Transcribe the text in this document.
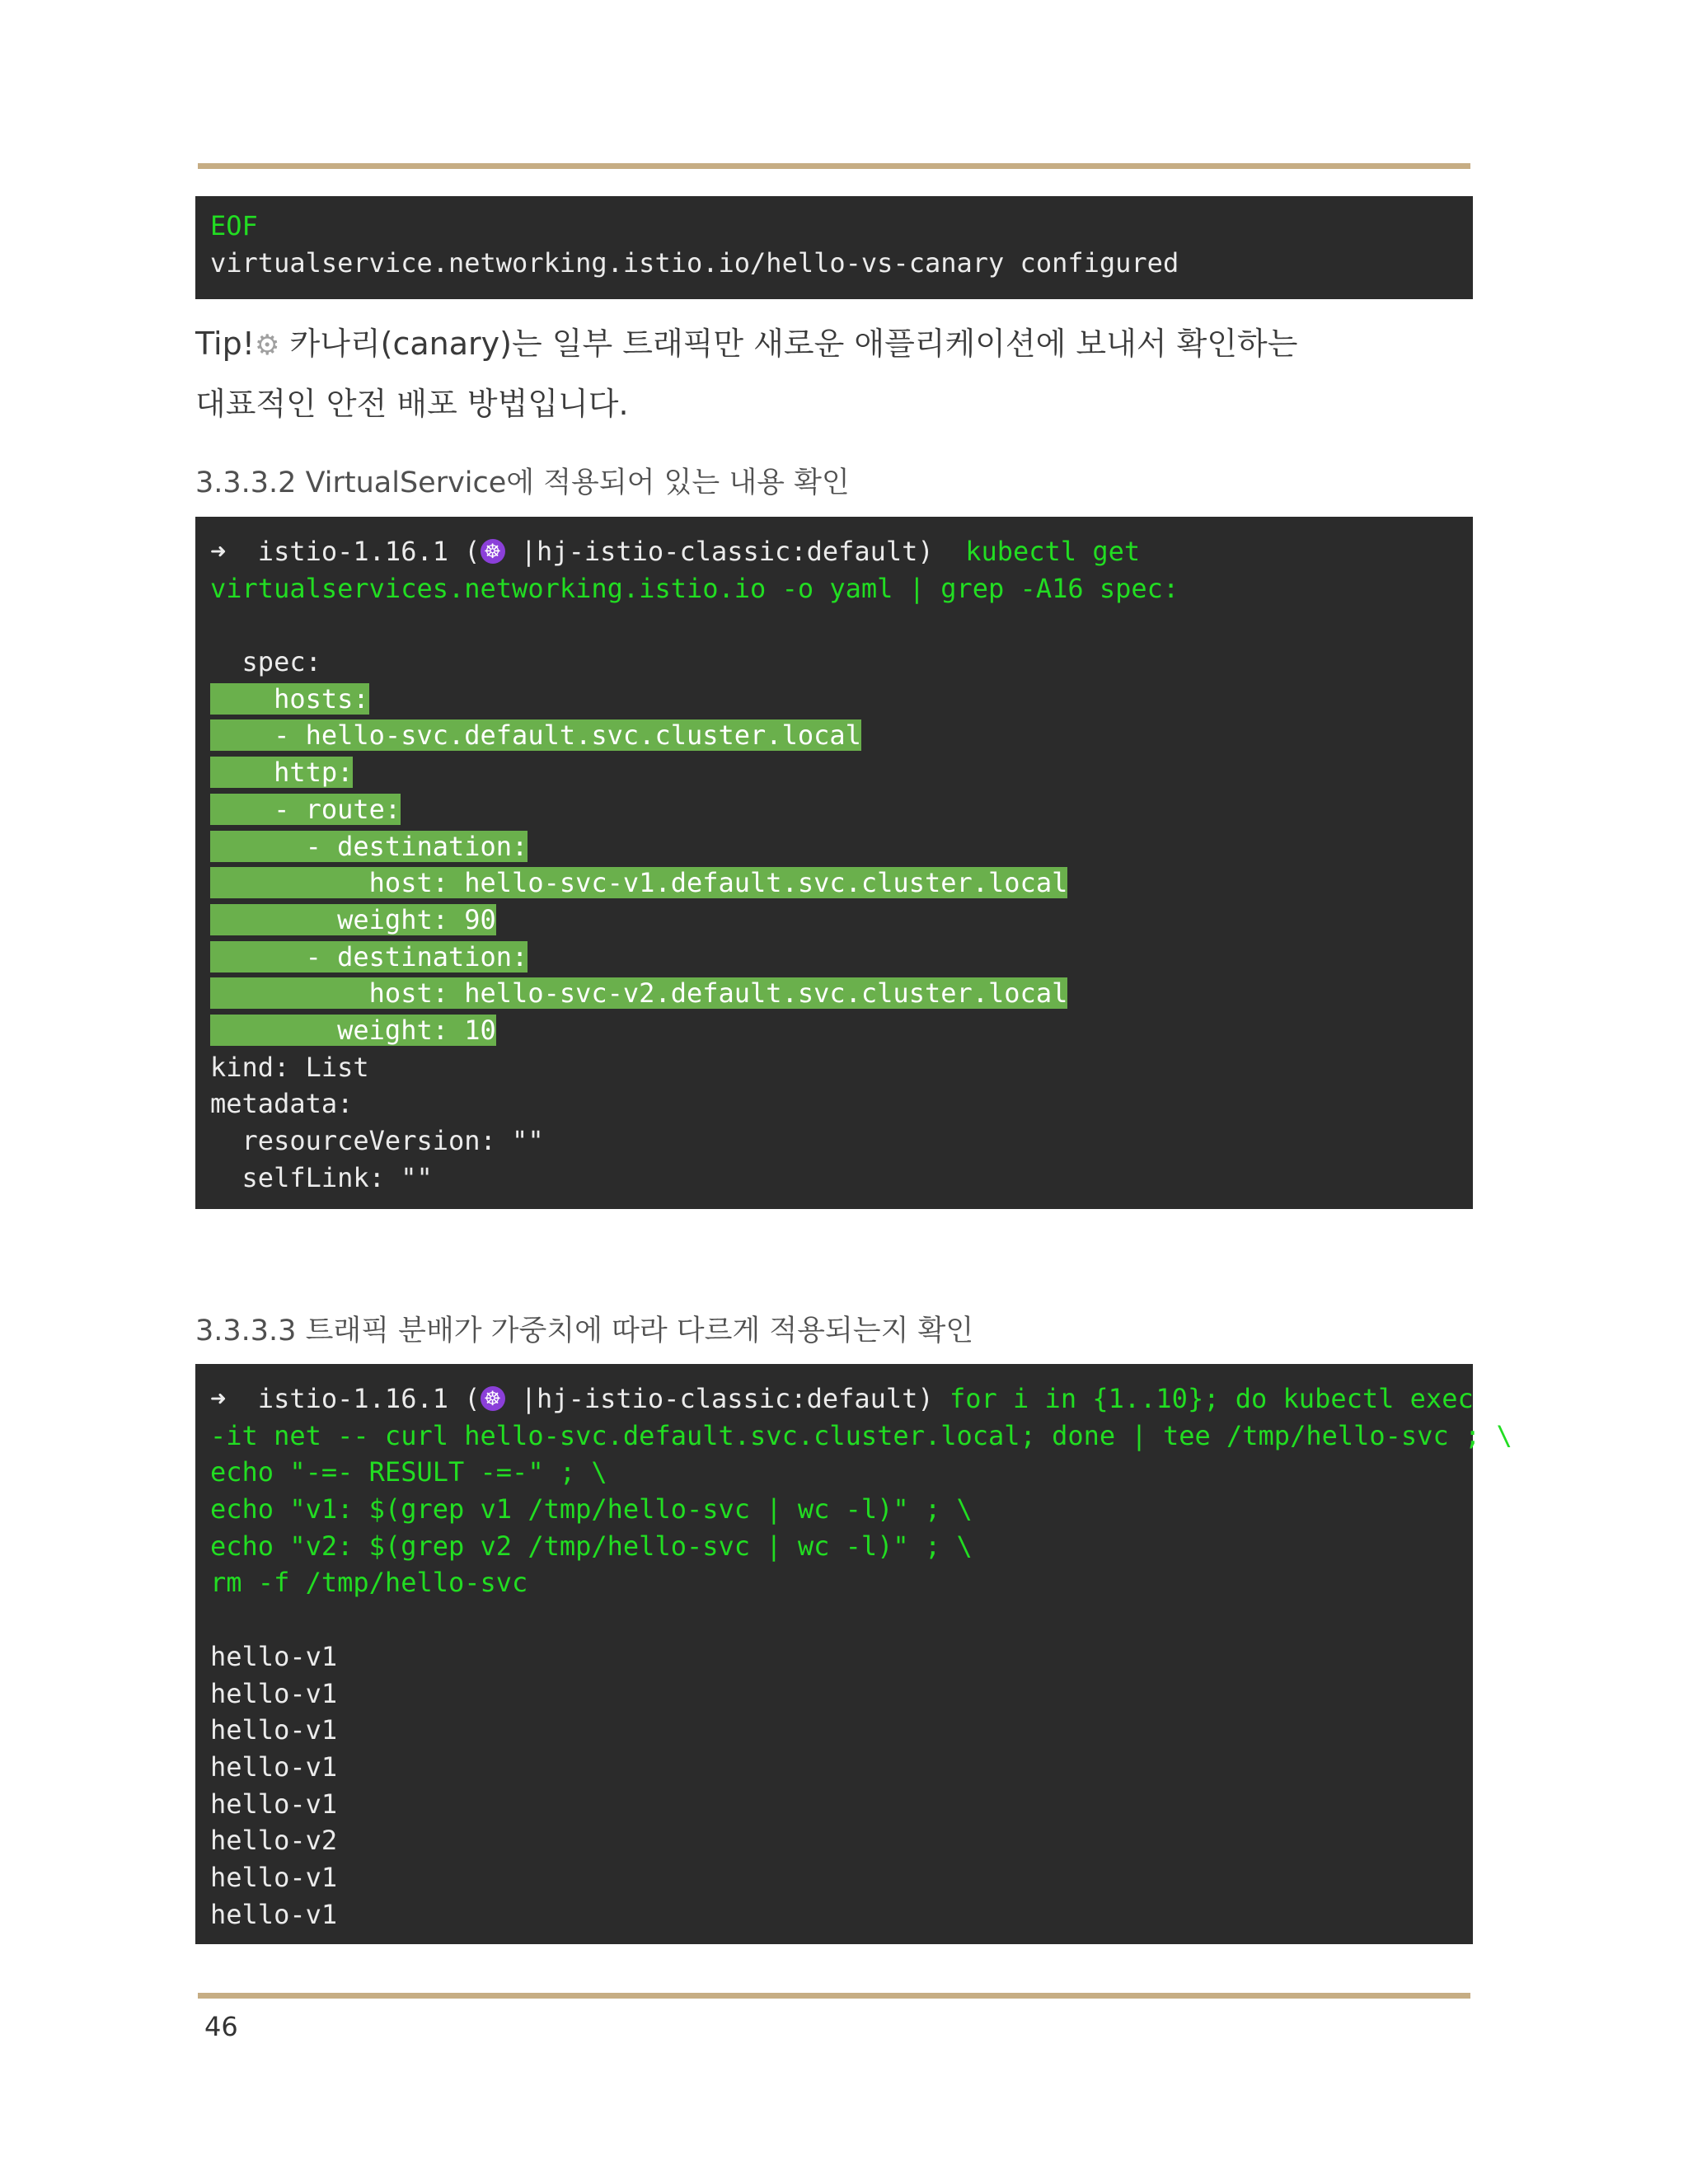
EOF
virtualservice.networking.istio.io/hello-vs-canary configured
Tip!⚙ 카나리(canary)는 일부 트래픽만 새로운 애플리케이션에 보내서 확인하는
대표적인 안전 배포 방법입니다.
3.3.3.2 VirtualService에 적용되어 있는 내용 확인
➜  istio-1.16.1 ( ☸ |hj-istio-classic:default)  kubectl get
virtualservices.networking.istio.io -o yaml | grep -A16 spec:
spec:
hosts:
- hello-svc.default.svc.cluster.local
http:
- route:
- destination:
host: hello-svc-v1.default.svc.cluster.local
weight: 90
- destination:
host: hello-svc-v2.default.svc.cluster.local
weight: 10
kind: List
metadata:
resourceVersion: ""
selfLink: ""
3.3.3.3 트래픽 분배가 가중치에 따라 다르게 적용되는지 확인
➜  istio-1.16.1 ( ☸ |hj-istio-classic:default) for i in {1..10}; do kubectl exec
-it net -- curl hello-svc.default.svc.cluster.local; done | tee /tmp/hello-svc ; \
echo "-=- RESULT -=-" ; \
echo "v1: $(grep v1 /tmp/hello-svc | wc -l)" ; \
echo "v2: $(grep v2 /tmp/hello-svc | wc -l)" ; \
rm -f /tmp/hello-svc
hello-v1
hello-v1
hello-v1
hello-v1
hello-v1
hello-v2
hello-v1
hello-v1
46
